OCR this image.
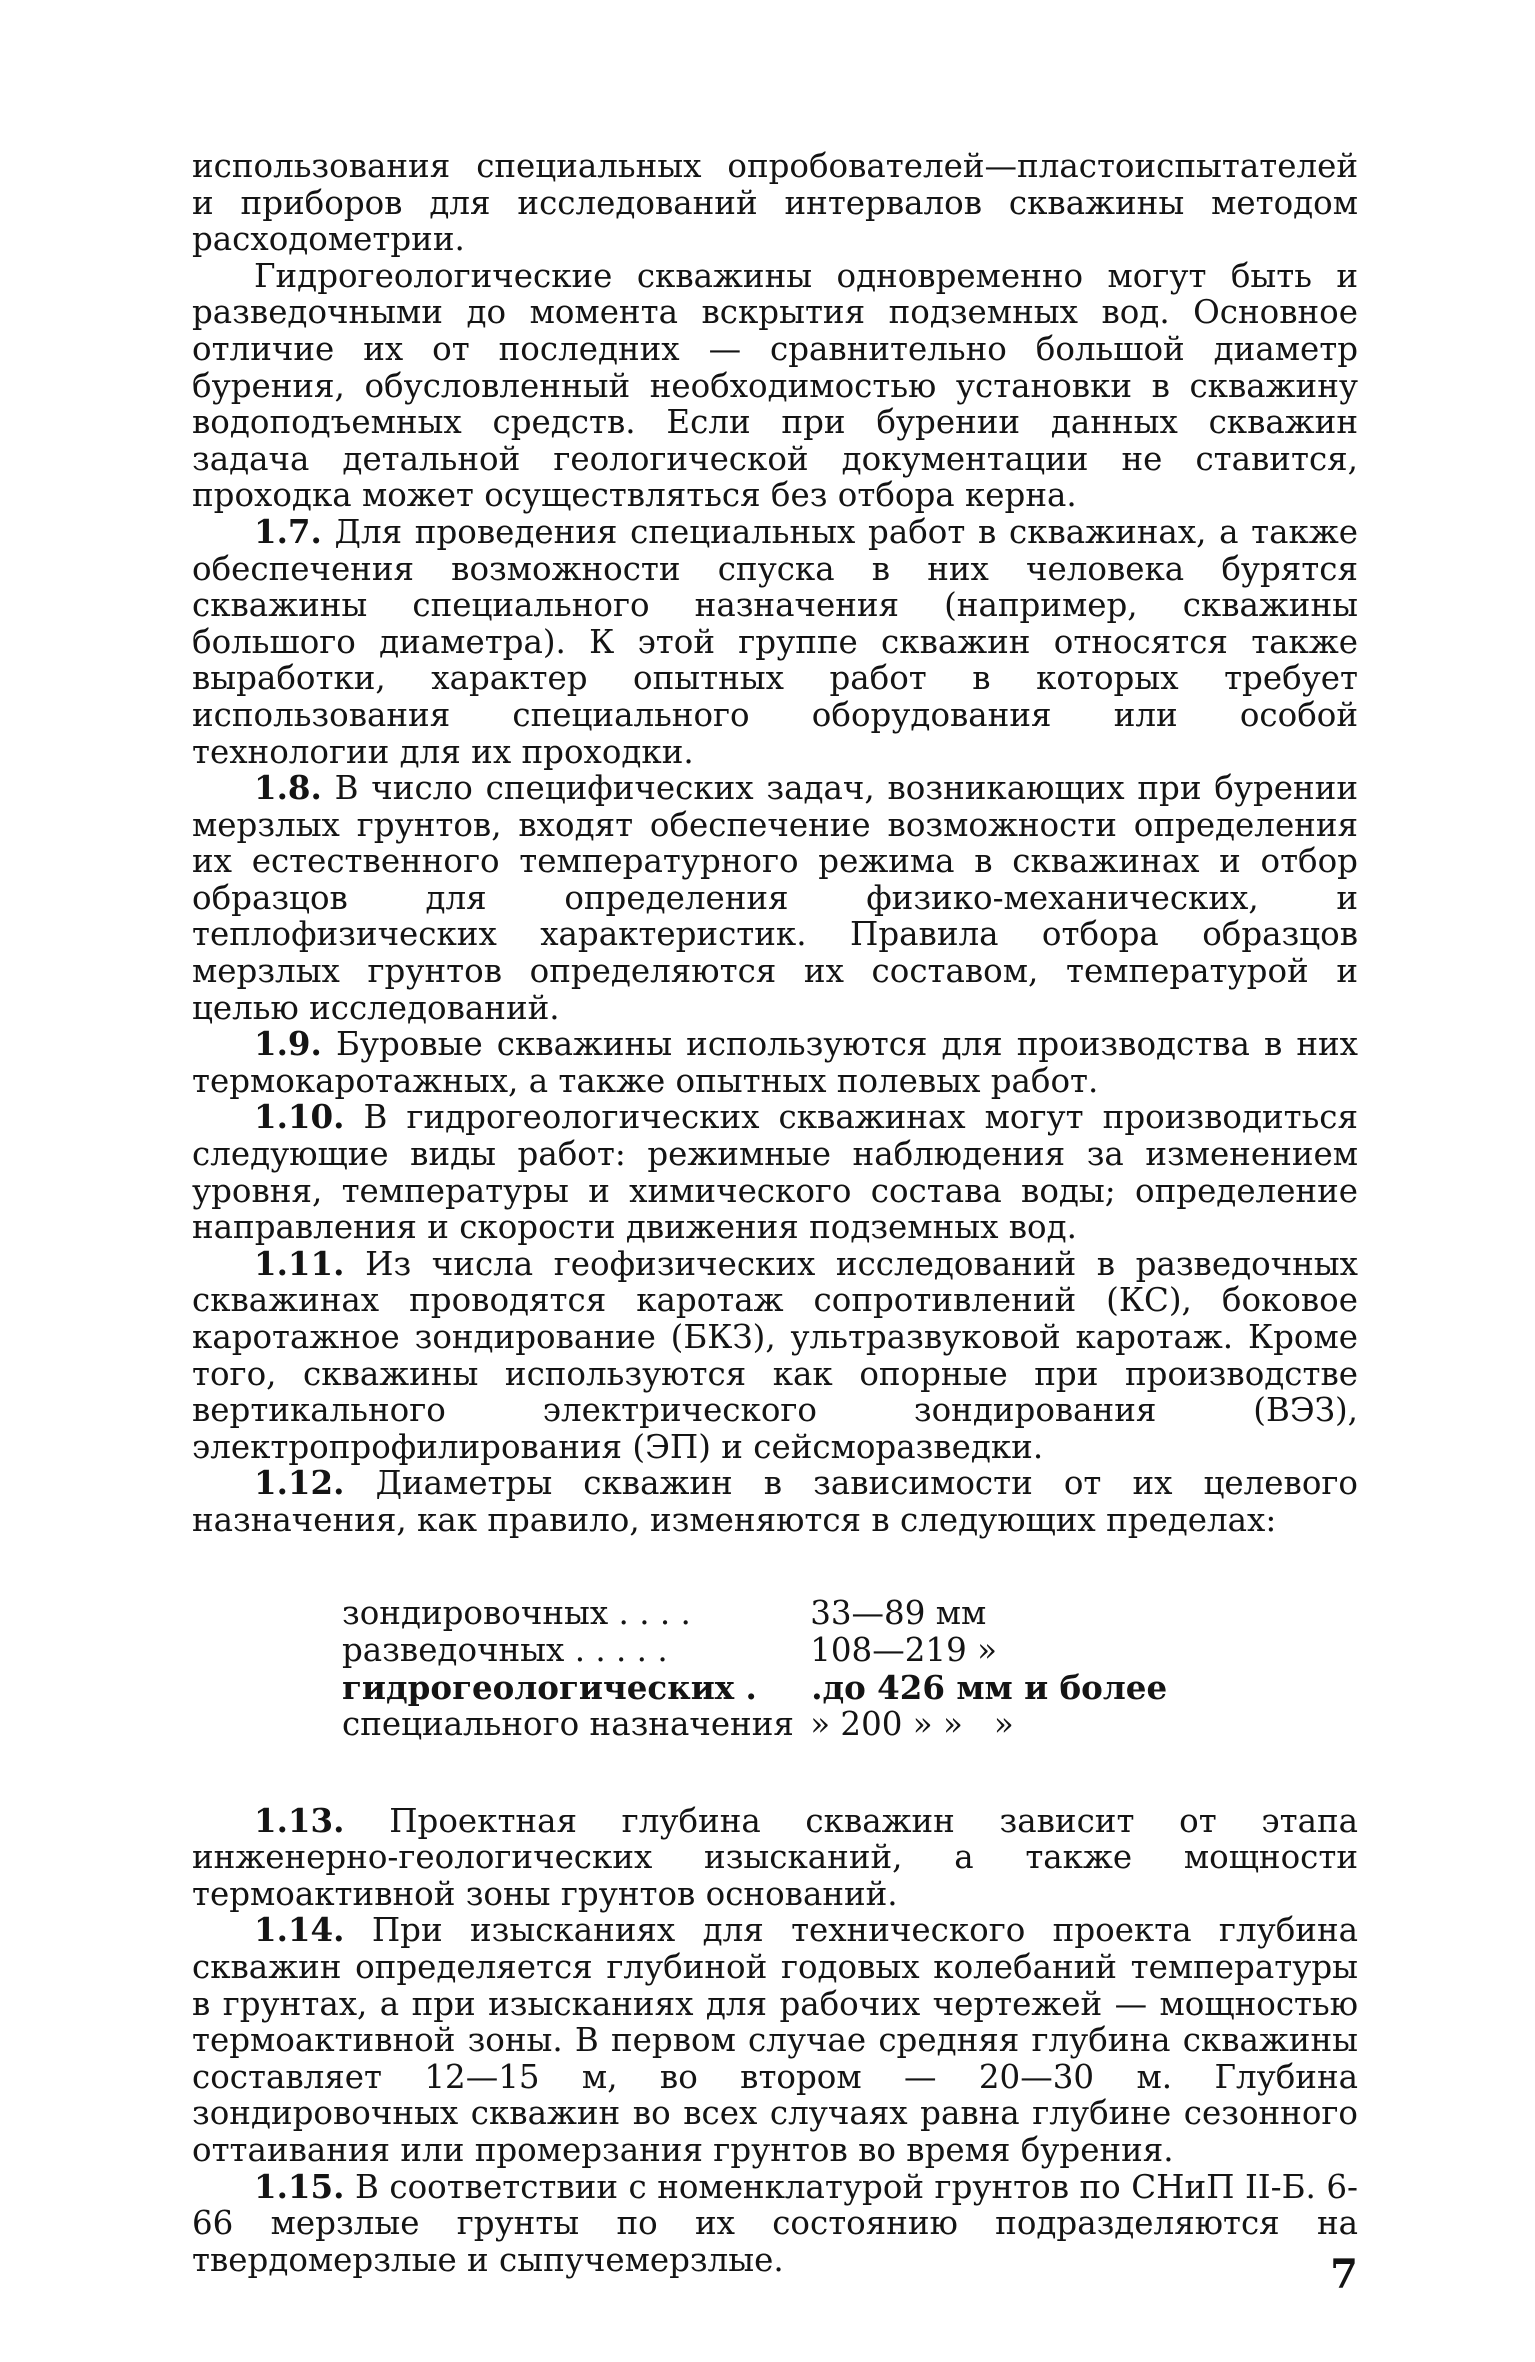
использования специальных опробователей—пластоиспытателей и приборов для исследований интервалов скважины методом расходометрии.

Гидрогеологические скважины одновременно могут быть и разведочными до момента вскрытия подземных вод. Основное отличие их от последних — сравнительно большой диаметр бурения, обусловленный необходимостью установки в скважину водоподъемных средств. Если при бурении данных скважин задача детальной геологической документации не ставится, проходка может осуществляться без отбора керна.

1.7. Для проведения специальных работ в скважинах, а также обеспечения возможности спуска в них человека бурятся скважины специального назначения (например, скважины большого диаметра). К этой группе скважин относятся также выработки, характер опытных работ в которых требует использования специального оборудования или особой технологии для их проходки.

1.8. В число специфических задач, возникающих при бурении мерзлых грунтов, входят обеспечение возможности определения их естественного температурного режима в скважинах и отбор образцов для определения физико-механических, и теплофизических характеристик. Правила отбора образцов мерзлых грунтов определяются их составом, температурой и целью исследований.

1.9. Буровые скважины используются для производства в них термокаротажных, а также опытных полевых работ.

1.10. В гидрогеологических скважинах могут производиться следующие виды работ: режимные наблюдения за изменением уровня, температуры и химического состава воды; определение направления и скорости движения подземных вод.

1.11. Из числа геофизических исследований в разведочных скважинах проводятся каротаж сопротивлений (КС), боковое каротажное зондирование (БКЗ), ультразвуковой каротаж. Кроме того, скважины используются как опорные при производстве вертикального электрического зондирования (ВЭЗ), электропрофилирования (ЭП) и сейсморазведки.

1.12. Диаметры скважин в зависимости от их целевого назначения, как правило, изменяются в следующих пределах:

зондировочных . . . .	33—89 мм
разведочных . . . . .	108—219 »
гидрогеологических .	.до 426 мм и более
специального назначения	» 200 » »   »

1.13. Проектная глубина скважин зависит от этапа инженерно-геологических изысканий, а также мощности термоактивной зоны грунтов оснований.

1.14. При изысканиях для технического проекта глубина скважин определяется глубиной годовых колебаний температуры в грунтах, а при изысканиях для рабочих чертежей — мощностью термоактивной зоны. В первом случае средняя глубина скважины составляет 12—15 м, во втором — 20—30 м. Глубина зондировочных скважин во всех случаях равна глубине сезонного оттаивания или промерзания грунтов во время бурения.

1.15. В соответствии с номенклатурой грунтов по СНиП II-Б. 6-66 мерзлые грунты по их состоянию подразделяются на твердомерзлые и сыпучемерзлые.	7
